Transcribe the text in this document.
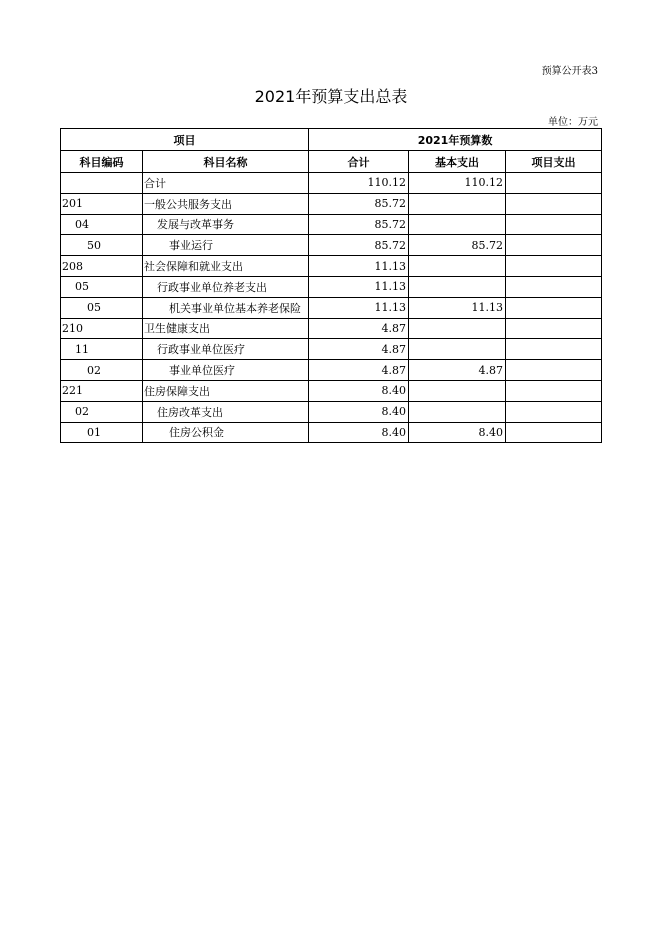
预算公开表3
2021年预算支出总表
单位：万元
项目		2021年预算数		
科目编码	科目名称	合计	基本支出	项目支出
	合计	110.12	110.12	
201	一般公共服务支出	85.72		
04	发展与改革事务	85.72		
50	事业运行	85.72	85.72	
208	社会保障和就业支出	11.13		
05	行政事业单位养老支出	11.13		
05	机关事业单位基本养老保险	11.13	11.13	
210	卫生健康支出	4.87		
11	行政事业单位医疗	4.87		
02	事业单位医疗	4.87	4.87	
221	住房保障支出	8.40		
02	住房改革支出	8.40		
01	住房公积金	8.40	8.40	
